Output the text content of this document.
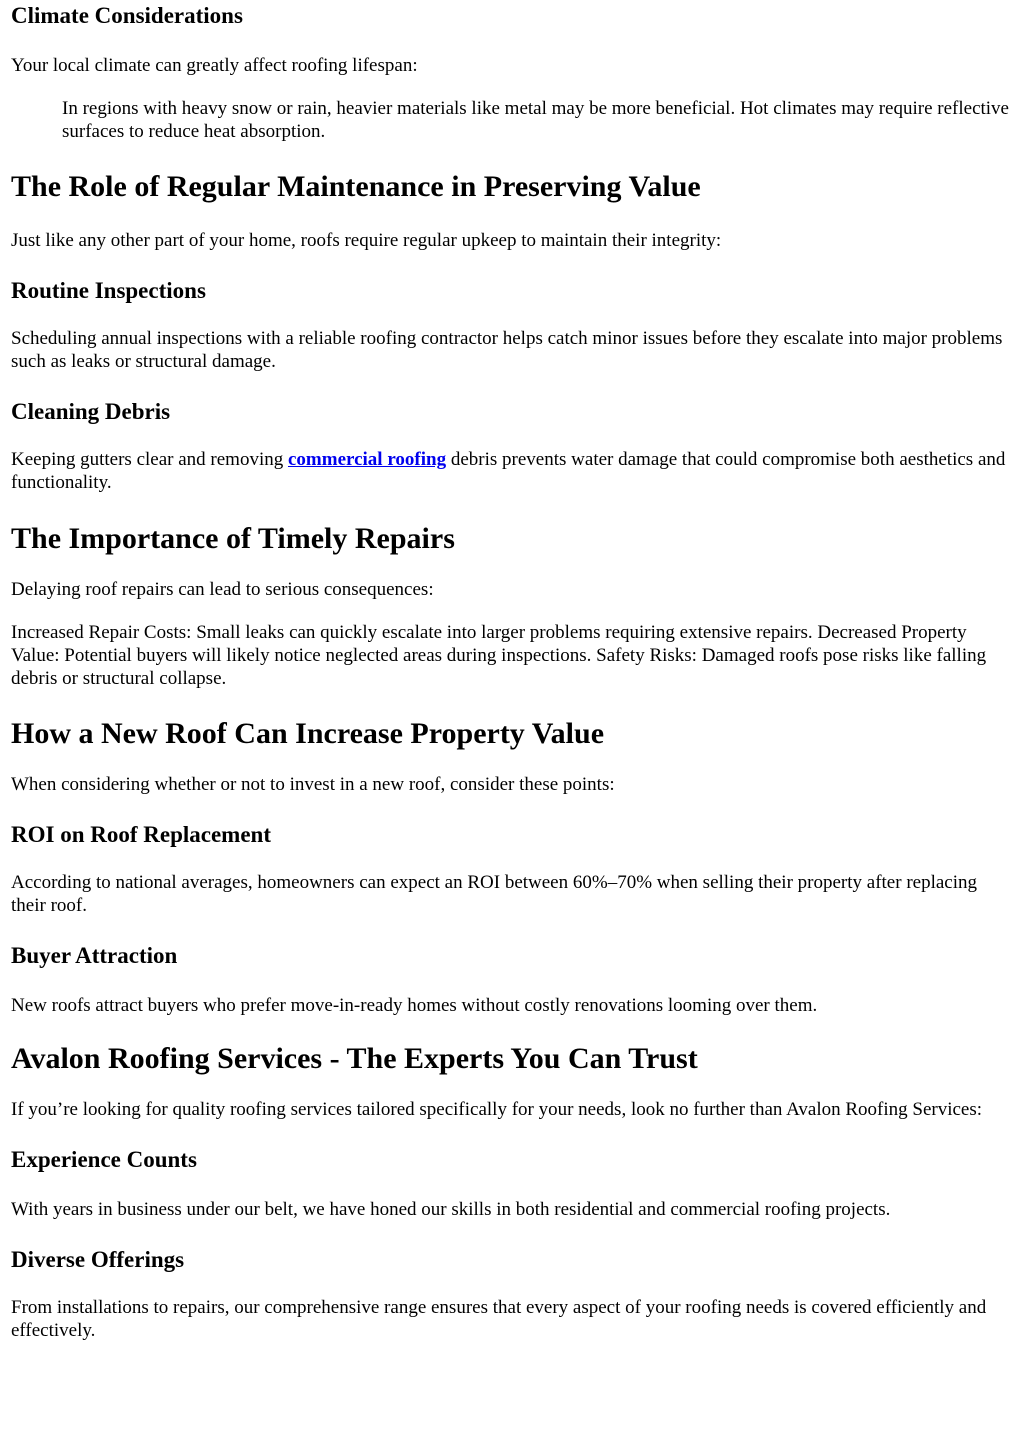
Climate Considerations

Your local climate can greatly affect roofing lifespan:

In regions with heavy snow or rain, heavier materials like metal may be more beneficial. Hot climates may require reflective surfaces to reduce heat absorption.

The Role of Regular Maintenance in Preserving Value

Just like any other part of your home, roofs require regular upkeep to maintain their integrity:

Routine Inspections

Scheduling annual inspections with a reliable roofing contractor helps catch minor issues before they escalate into major problems such as leaks or structural damage.

Cleaning Debris

Keeping gutters clear and removing commercial roofing debris prevents water damage that could compromise both aesthetics and functionality.

The Importance of Timely Repairs

Delaying roof repairs can lead to serious consequences:

Increased Repair Costs: Small leaks can quickly escalate into larger problems requiring extensive repairs. Decreased Property Value: Potential buyers will likely notice neglected areas during inspections. Safety Risks: Damaged roofs pose risks like falling debris or structural collapse.

How a New Roof Can Increase Property Value

When considering whether or not to invest in a new roof, consider these points:

ROI on Roof Replacement

According to national averages, homeowners can expect an ROI between 60%–70% when selling their property after replacing their roof.

Buyer Attraction

New roofs attract buyers who prefer move-in-ready homes without costly renovations looming over them.

Avalon Roofing Services - The Experts You Can Trust

If you’re looking for quality roofing services tailored specifically for your needs, look no further than Avalon Roofing Services:

Experience Counts

With years in business under our belt, we have honed our skills in both residential and commercial roofing projects.

Diverse Offerings

From installations to repairs, our comprehensive range ensures that every aspect of your roofing needs is covered efficiently and effectively.
